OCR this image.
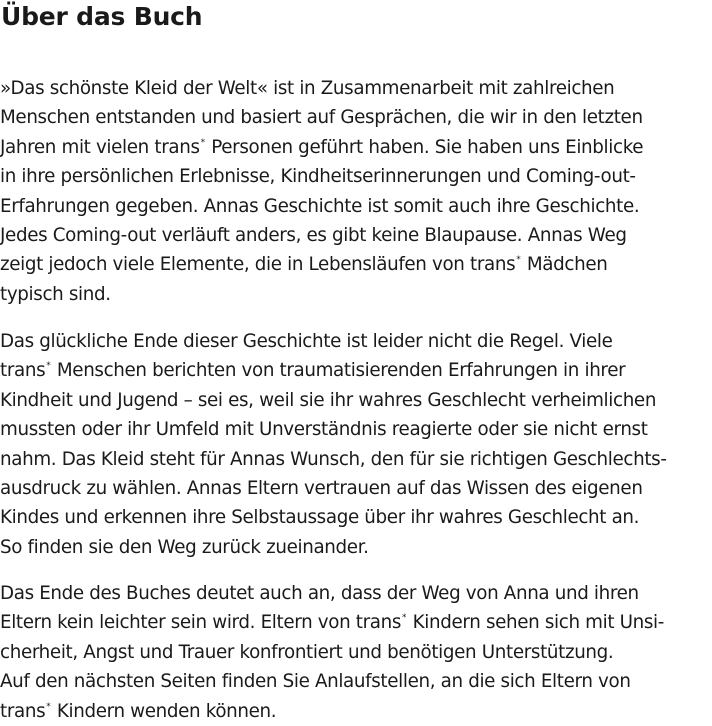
Über das Buch

»Das schönste Kleid der Welt« ist in Zusammenarbeit mit zahlreichen
Menschen entstanden und basiert auf Gesprächen, die wir in den letzten
Jahren mit vielen trans* Personen geführt haben. Sie haben uns Einblicke
in ihre persönlichen Erlebnisse, Kindheitserinnerungen und Coming-out-
Erfahrungen gegeben. Annas Geschichte ist somit auch ihre Geschichte.
Jedes Coming-out verläuft anders, es gibt keine Blaupause. Annas Weg
zeigt jedoch viele Elemente, die in Lebensläufen von trans* Mädchen
typisch sind.

Das glückliche Ende dieser Geschichte ist leider nicht die Regel. Viele
trans* Menschen berichten von traumatisierenden Erfahrungen in ihrer
Kindheit und Jugend – sei es, weil sie ihr wahres Geschlecht verheimlichen
mussten oder ihr Umfeld mit Unverständnis reagierte oder sie nicht ernst
nahm. Das Kleid steht für Annas Wunsch, den für sie richtigen Geschlechts-
ausdruck zu wählen. Annas Eltern vertrauen auf das Wissen des eigenen
Kindes und erkennen ihre Selbstaussage über ihr wahres Geschlecht an.
So finden sie den Weg zurück zueinander.

Das Ende des Buches deutet auch an, dass der Weg von Anna und ihren
Eltern kein leichter sein wird. Eltern von trans* Kindern sehen sich mit Unsi-
cherheit, Angst und Trauer konfrontiert und benötigen Unterstützung.
Auf den nächsten Seiten finden Sie Anlaufstellen, an die sich Eltern von
trans* Kindern wenden können.
